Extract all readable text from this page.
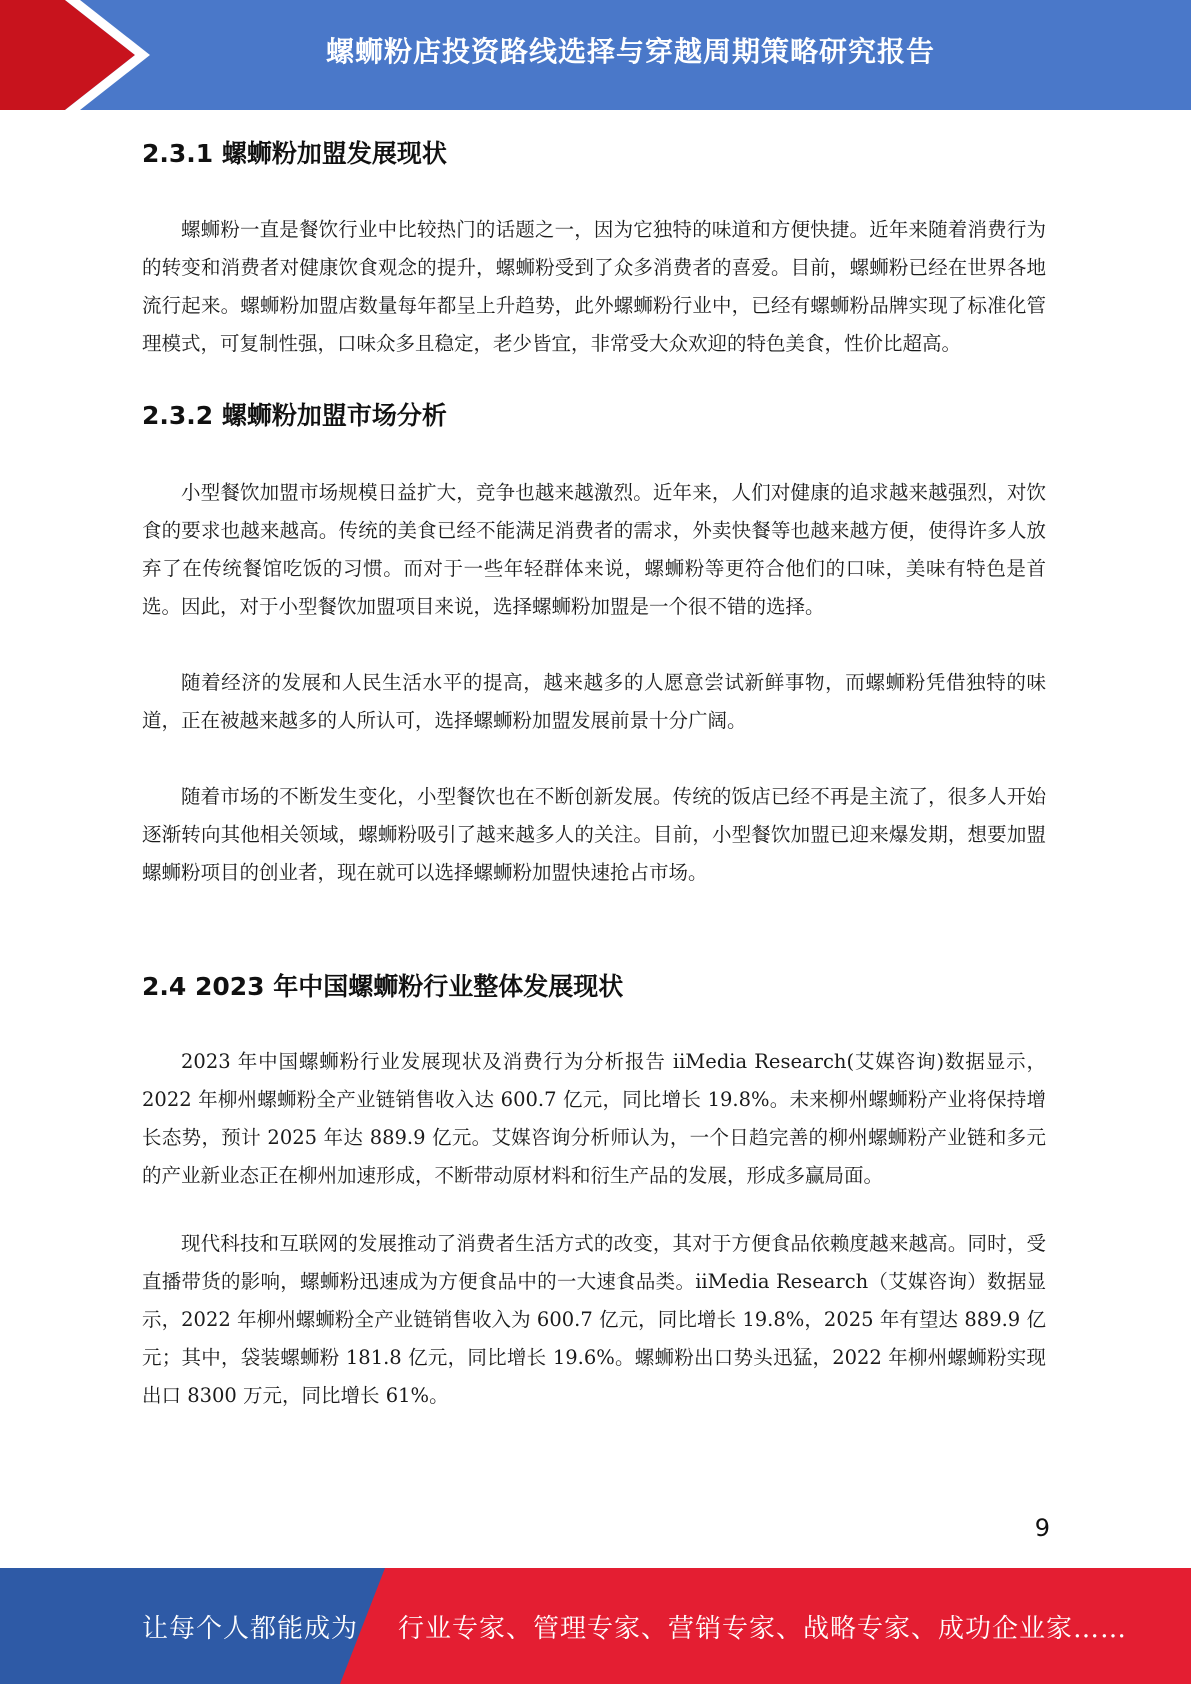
螺蛳粉店投资路线选择与穿越周期策略研究报告
2.3.1 螺蛳粉加盟发展现状

螺蛳粉一直是餐饮行业中比较热门的话题之一，因为它独特的味道和方便快捷。近年来随着消费行为的转变和消费者对健康饮食观念的提升，螺蛳粉受到了众多消费者的喜爱。目前，螺蛳粉已经在世界各地流行起来。螺蛳粉加盟店数量每年都呈上升趋势，此外螺蛳粉行业中，已经有螺蛳粉品牌实现了标准化管理模式，可复制性强，口味众多且稳定，老少皆宜，非常受大众欢迎的特色美食，性价比超高。

2.3.2 螺蛳粉加盟市场分析

小型餐饮加盟市场规模日益扩大，竞争也越来越激烈。近年来，人们对健康的追求越来越强烈，对饮食的要求也越来越高。传统的美食已经不能满足消费者的需求，外卖快餐等也越来越方便，使得许多人放弃了在传统餐馆吃饭的习惯。而对于一些年轻群体来说，螺蛳粉等更符合他们的口味，美味有特色是首选。因此，对于小型餐饮加盟项目来说，选择螺蛳粉加盟是一个很不错的选择。

随着经济的发展和人民生活水平的提高，越来越多的人愿意尝试新鲜事物，而螺蛳粉凭借独特的味道，正在被越来越多的人所认可，选择螺蛳粉加盟发展前景十分广阔。

随着市场的不断发生变化，小型餐饮也在不断创新发展。传统的饭店已经不再是主流了，很多人开始逐渐转向其他相关领域，螺蛳粉吸引了越来越多人的关注。目前，小型餐饮加盟已迎来爆发期，想要加盟螺蛳粉项目的创业者，现在就可以选择螺蛳粉加盟快速抢占市场。

2.4 2023 年中国螺蛳粉行业整体发展现状

2023 年中国螺蛳粉行业发展现状及消费行为分析报告 iiMedia Research(艾媒咨询)数据显示，2022 年柳州螺蛳粉全产业链销售收入达 600.7 亿元，同比增长 19.8%。未来柳州螺蛳粉产业将保持增长态势，预计 2025 年达 889.9 亿元。艾媒咨询分析师认为，一个日趋完善的柳州螺蛳粉产业链和多元的产业新业态正在柳州加速形成，不断带动原材料和衍生产品的发展，形成多赢局面。

现代科技和互联网的发展推动了消费者生活方式的改变，其对于方便食品依赖度越来越高。同时，受直播带货的影响，螺蛳粉迅速成为方便食品中的一大速食品类。iiMedia Research（艾媒咨询）数据显示，2022 年柳州螺蛳粉全产业链销售收入为 600.7 亿元，同比增长 19.8%，2025 年有望达 889.9 亿元；其中，袋装螺蛳粉 181.8 亿元，同比增长 19.6%。螺蛳粉出口势头迅猛，2022 年柳州螺蛳粉实现出口 8300 万元，同比增长 61%。

9
让每个人都能成为 行业专家、管理专家、营销专家、战略专家、成功企业家……
